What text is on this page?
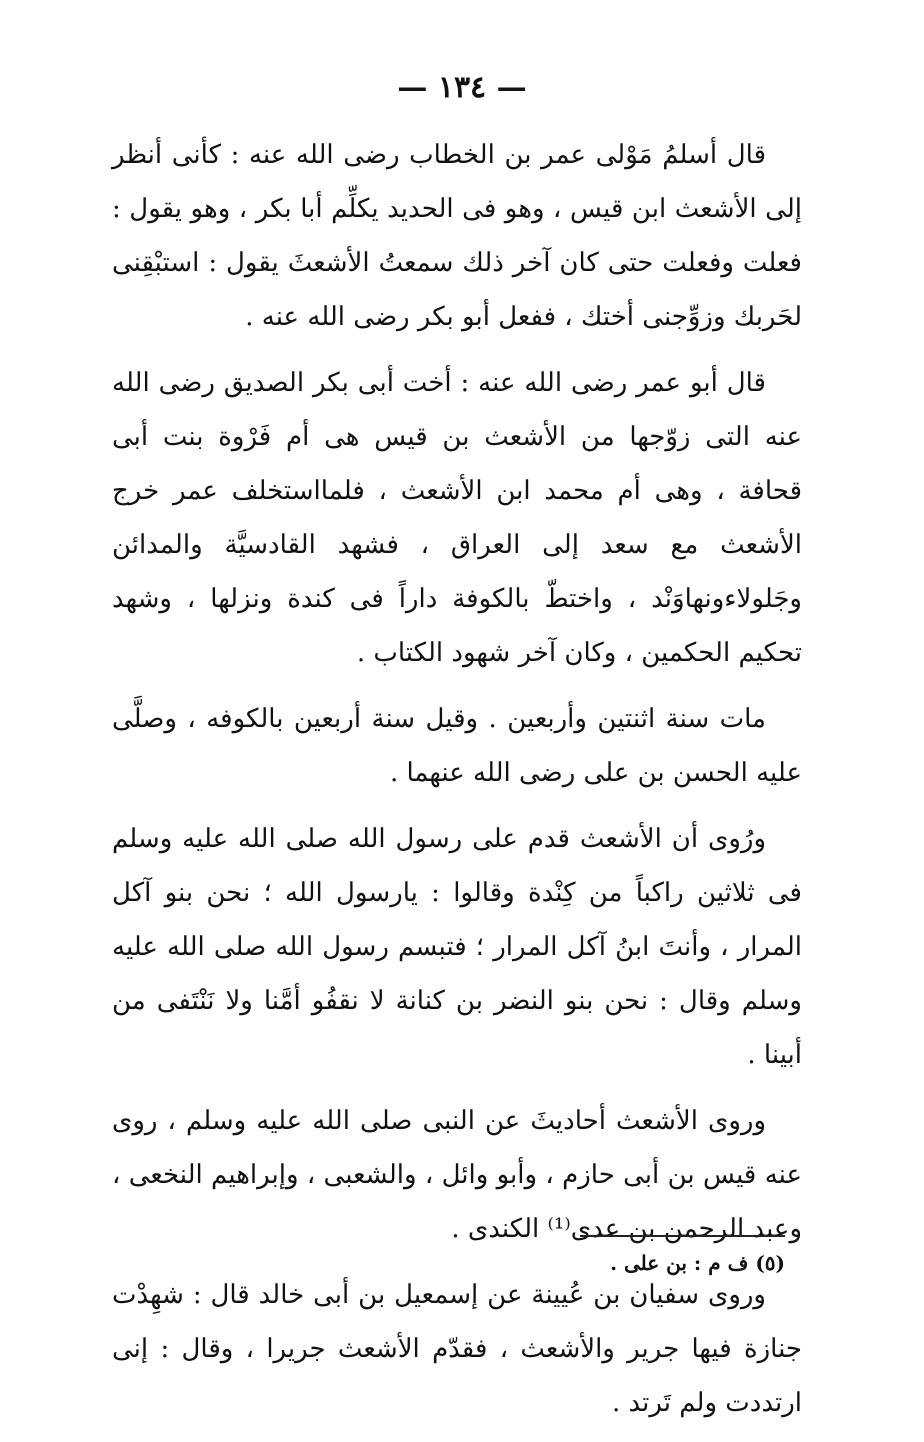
— ١٣٤ —

قال أسلمُ مَوْلى عمر بن الخطاب رضى الله عنه : كأنى أنظر إلى الأشعث ابن قيس ، وهو فى الحديد يكلِّم أبا بكر ، وهو يقول : فعلت وفعلت حتى كان آخر ذلك سمعتُ الأشعثَ يقول : استبْقِنى لحَربك وزوِّجنى أختك ، ففعل أبو بكر رضى الله عنه .

قال أبو عمر رضى الله عنه : أخت أبى بكر الصديق رضى الله عنه التى زوّجها من الأشعث بن قيس هى أم فَرْوة بنت أبى قحافة ، وهى أم محمد ابن الأشعث ، فلمااستخلف عمر خرج الأشعث مع سعد إلى العراق ، فشهد القادسيَّة والمدائن وجَلولاءونهاوَنْد ، واختطّ بالكوفة داراً فى كندة ونزلها ، وشهد تحكيم الحكمين ، وكان آخر شهود الكتاب .

مات سنة اثنتين وأربعين . وقيل سنة أربعين بالكوفه ، وصلَّى عليه الحسن بن على رضى الله عنهما .

ورُوى أن الأشعث قدم على رسول الله صلى الله عليه وسلم فى ثلاثين راكباً من كِنْدة وقالوا : يارسول الله ؛ نحن بنو آكل المرار ، وأنتَ ابنُ آكل المرار ؛ فتبسم رسول الله صلى الله عليه وسلم وقال : نحن بنو النضر بن كنانة لا نقفُو أمَّنا ولا نَنْتَفى من أبينا .

وروى الأشعث أحاديثَ عن النبى صلى الله عليه وسلم ، روى عنه قيس بن أبى حازم ، وأبو وائل ، والشعبى ، وإبراهيم النخعى ، وعبد الرحمن بن عدى⁽¹⁾ الكندى .

وروى سفيان بن عُيينة عن إسمعيل بن أبى خالد قال : شهِدْت جنازة فيها جرير والأشعث ، فقدّم الأشعث جريرا ، وقال : إنى ارتددت ولم تَرتد .

(٥) ف م : بن على .
